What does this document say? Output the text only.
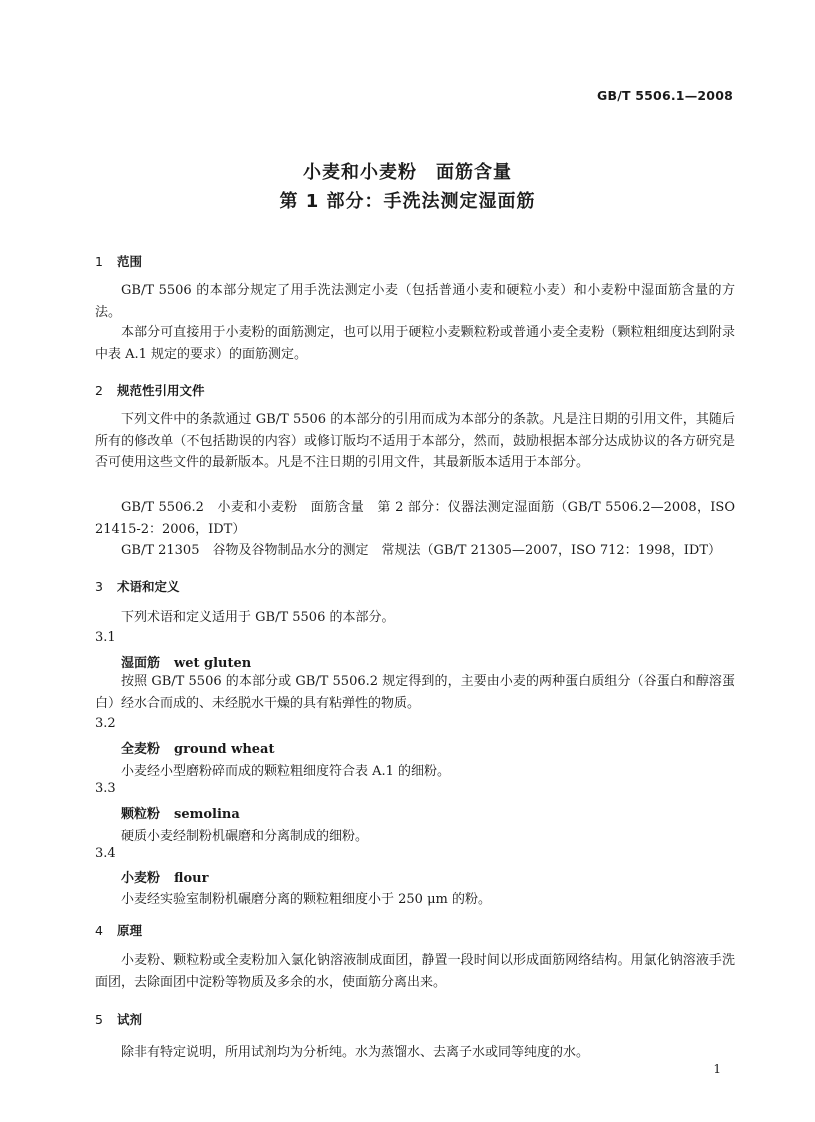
GB/T 5506.1—2008
小麦和小麦粉　面筋含量
第 1 部分：手洗法测定湿面筋
1 范围
GB/T 5506 的本部分规定了用手洗法测定小麦（包括普通小麦和硬粒小麦）和小麦粉中湿面筋含量的方法。
本部分可直接用于小麦粉的面筋测定，也可以用于硬粒小麦颗粒粉或普通小麦全麦粉（颗粒粗细度达到附录中表 A.1 规定的要求）的面筋测定。
2 规范性引用文件
下列文件中的条款通过 GB/T 5506 的本部分的引用而成为本部分的条款。凡是注日期的引用文件，其随后所有的修改单（不包括勘误的内容）或修订版均不适用于本部分，然而，鼓励根据本部分达成协议的各方研究是否可使用这些文件的最新版本。凡是不注日期的引用文件，其最新版本适用于本部分。
GB/T 5506.2　小麦和小麦粉　面筋含量　第 2 部分：仪器法测定湿面筋（GB/T 5506.2—2008，ISO 21415-2：2006，IDT）
GB/T 21305　谷物及谷物制品水分的测定　常规法（GB/T 21305—2007，ISO 712：1998，IDT）
3 术语和定义
下列术语和定义适用于 GB/T 5506 的本部分。
3.1
湿面筋 wet gluten
按照 GB/T 5506 的本部分或 GB/T 5506.2 规定得到的，主要由小麦的两种蛋白质组分（谷蛋白和醇溶蛋白）经水合而成的、未经脱水干燥的具有粘弹性的物质。
3.2
全麦粉 ground wheat
小麦经小型磨粉碎而成的颗粒粗细度符合表 A.1 的细粉。
3.3
颗粒粉 semolina
硬质小麦经制粉机碾磨和分离制成的细粉。
3.4
小麦粉 flour
小麦经实验室制粉机碾磨分离的颗粒粗细度小于 250 μm 的粉。
4 原理
小麦粉、颗粒粉或全麦粉加入氯化钠溶液制成面团，静置一段时间以形成面筋网络结构。用氯化钠溶液手洗面团，去除面团中淀粉等物质及多余的水，使面筋分离出来。
5 试剂
除非有特定说明，所用试剂均为分析纯。水为蒸馏水、去离子水或同等纯度的水。
1
